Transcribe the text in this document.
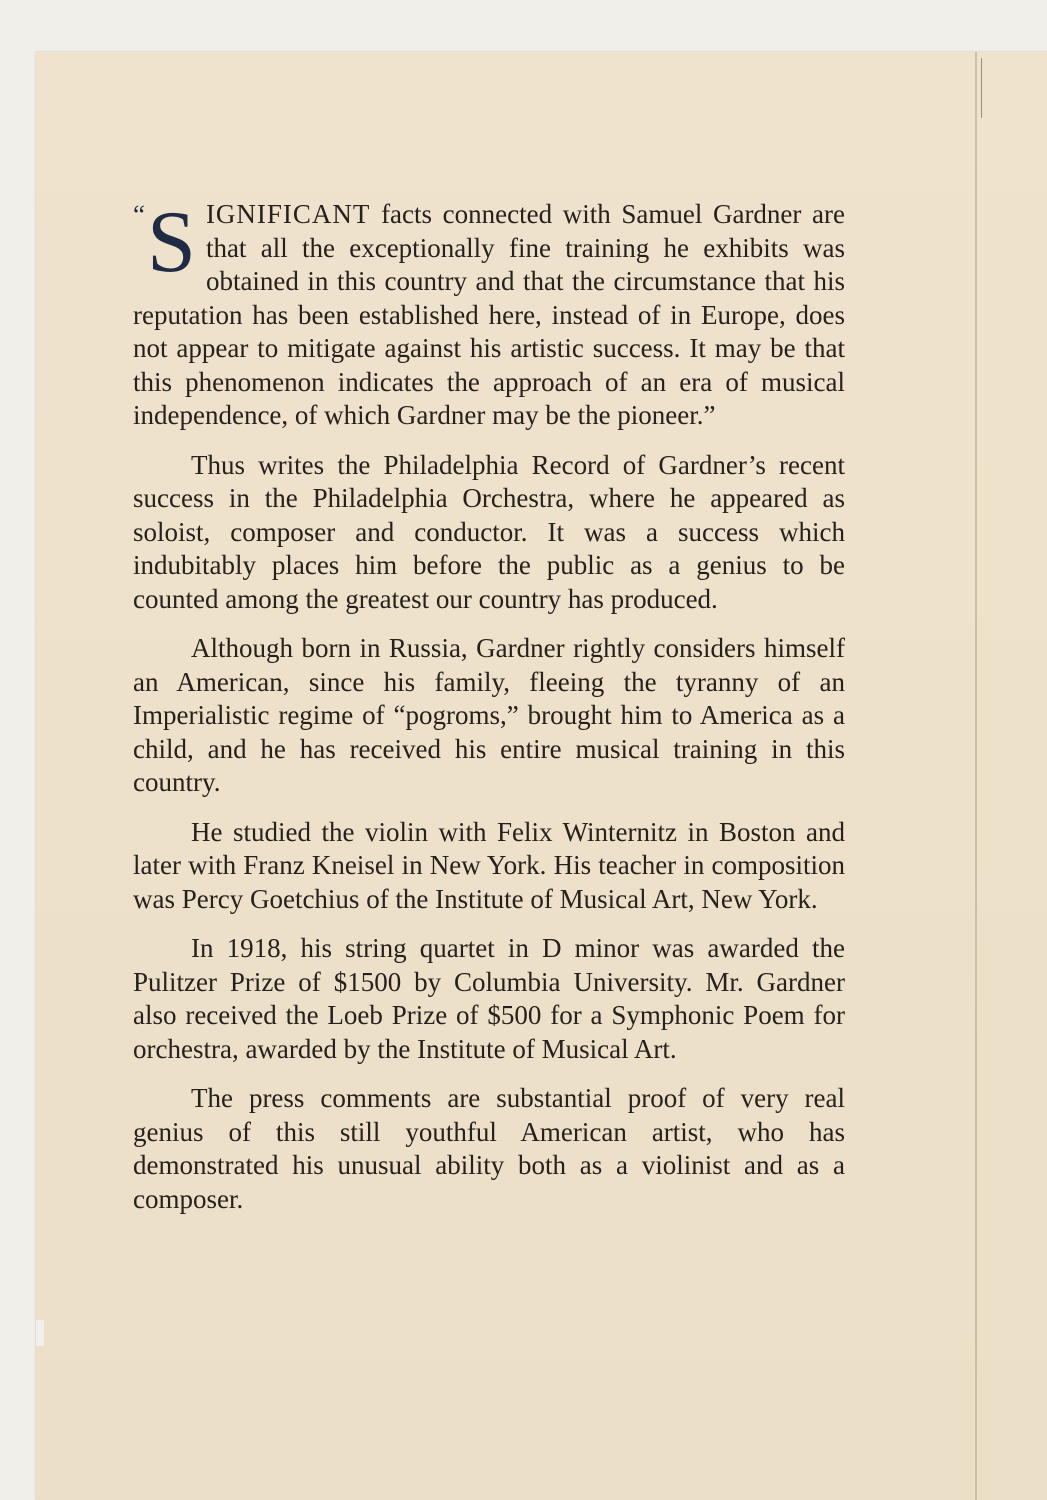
“ S IGNIFICANT facts connected with Samuel Gardner are that all the exceptionally fine training he exhibits was obtained in this country and that the circumstance that his reputation has been established here, instead of in Europe, does not appear to mitigate against his artistic success. It may be that this phenomenon indicates the approach of an era of musical independence, of which Gardner may be the pioneer.”

Thus writes the Philadelphia Record of Gardner’s recent success in the Philadelphia Orchestra, where he appeared as soloist, composer and conductor. It was a success which indubitably places him before the public as a genius to be counted among the greatest our country has produced.

Although born in Russia, Gardner rightly considers himself an American, since his family, fleeing the tyranny of an Imperialistic regime of “pogroms,” brought him to America as a child, and he has received his entire musical training in this country.

He studied the violin with Felix Winternitz in Boston and later with Franz Kneisel in New York. His teacher in composition was Percy Goetchius of the Institute of Musical Art, New York.

In 1918, his string quartet in D minor was awarded the Pulitzer Prize of $1500 by Columbia University. Mr. Gardner also received the Loeb Prize of $500 for a Symphonic Poem for orchestra, awarded by the Institute of Musical Art.

The press comments are substantial proof of very real genius of this still youthful American artist, who has demonstrated his unusual ability both as a violinist and as a composer.
